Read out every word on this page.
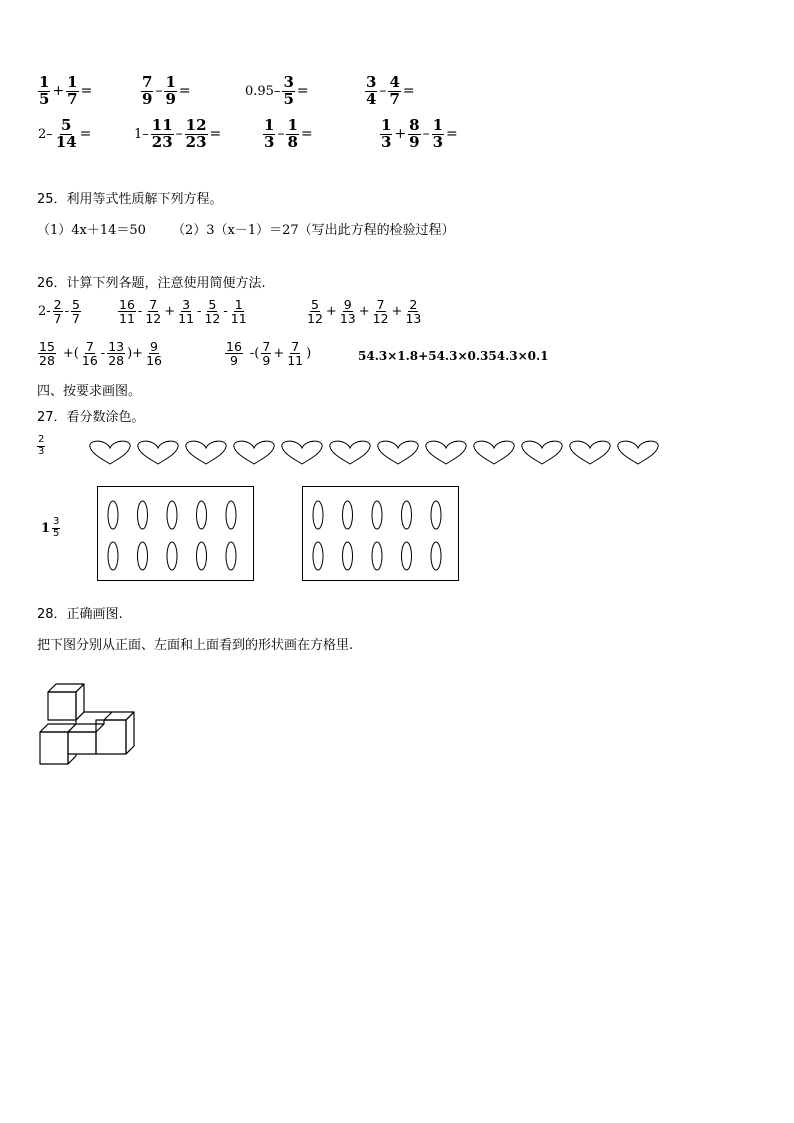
$\frac{1}{5} + \frac{1}{7}$ =	$\frac{7}{9} - \frac{1}{9}$ =	$0.95- \frac{3}{5}$ =	$\frac{3}{4} - \frac{4}{7}$ =
$2- \frac{5}{14}$ =	$1- \frac{11}{23} - \frac{12}{23}$ =	$\frac{1}{3} - \frac{1}{8}$ =	$\frac{1}{3} + \frac{8}{9} - \frac{1}{3}$ =
25．利用等式性质解下列方程。
（1）4x＋14＝50 （2）3（x－1）＝27（写出此方程的检验过程）
26．计算下列各题，注意使用简便方法.
$2- \frac{2}{7} - \frac{5}{7}$	$\frac{16}{11} - \frac{7}{12} + \frac{3}{11} - \frac{5}{12} - \frac{1}{11}$	$\frac{5}{12} + \frac{9}{13} + \frac{7}{12} + \frac{2}{13}$
$\frac{15}{28}$ +( $\frac{7}{16} - \frac{13}{28}$ )+ $\frac{9}{16}$	$\frac{16}{9}$ -( $\frac{7}{9} + \frac{7}{11}$ )	54.3×1.8+54.3×0.354.3×0.1
四、按要求画图。
27．看分数涂色。
$\frac{2}{3}$
$1 \frac{3}{5}$
28．正确画图.
把下图分别从正面、左面和上面看到的形状画在方格里.
